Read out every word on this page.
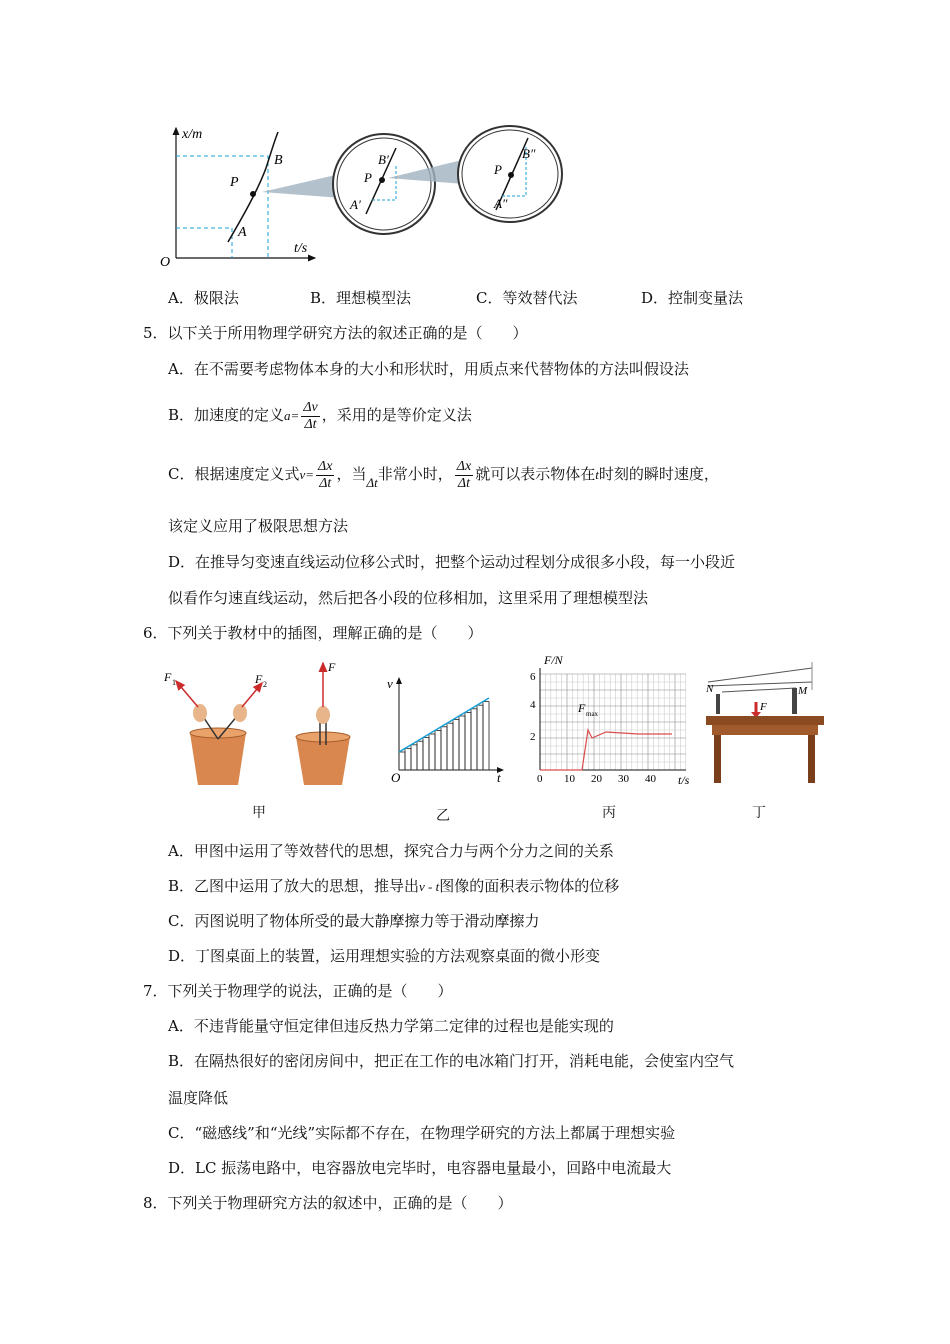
x/m
t/s
O
P
A
B
P
A′
B′
P
A″
B″
A．极限法	B．理想模型法	C．等效替代法	D．控制变量法
5．以下关于所用物理学研究方法的叙述正确的是（　　）
A．在不需要考虑物体本身的大小和形状时，用质点来代替物体的方法叫假设法
B．加速度的定义$a= \frac{\Delta v}{\Delta t}$ ，采用的是等价定义法
C．根据速度定义式$v= \frac{\Delta x}{\Delta t}$ ，当Δt非常小时， $\frac{\Delta x}{\Delta t}$ 就可以表示物体在t时刻的瞬时速度，
该定义应用了极限思想方法
D．在推导匀变速直线运动位移公式时，把整个运动过程划分成很多小段，每一小段近
似看作匀速直线运动，然后把各小段的位移相加，这里采用了理想模型法
6．下列关于教材中的插图，理解正确的是（　　）
F 1	F 2
F
甲
v
t
O
乙
F/N
t/s
2
4
6
0 10 20 30 40
F max
丙
N	M
F
丁
A．甲图中运用了等效替代的思想，探究合力与两个分力之间的关系
B．乙图中运用了放大的思想，推导出v - t图像的面积表示物体的位移
C．丙图说明了物体所受的最大静摩擦力等于滑动摩擦力
D．丁图桌面上的装置，运用理想实验的方法观察桌面的微小形变
7．下列关于物理学的说法，正确的是（　　）
A．不违背能量守恒定律但违反热力学第二定律的过程也是能实现的
B．在隔热很好的密闭房间中，把正在工作的电冰箱门打开，消耗电能，会使室内空气
温度降低
C．“磁感线”和“光线”实际都不存在，在物理学研究的方法上都属于理想实验
D．LC 振荡电路中，电容器放电完毕时，电容器电量最小，回路中电流最大
8．下列关于物理研究方法的叙述中，正确的是（　　）
